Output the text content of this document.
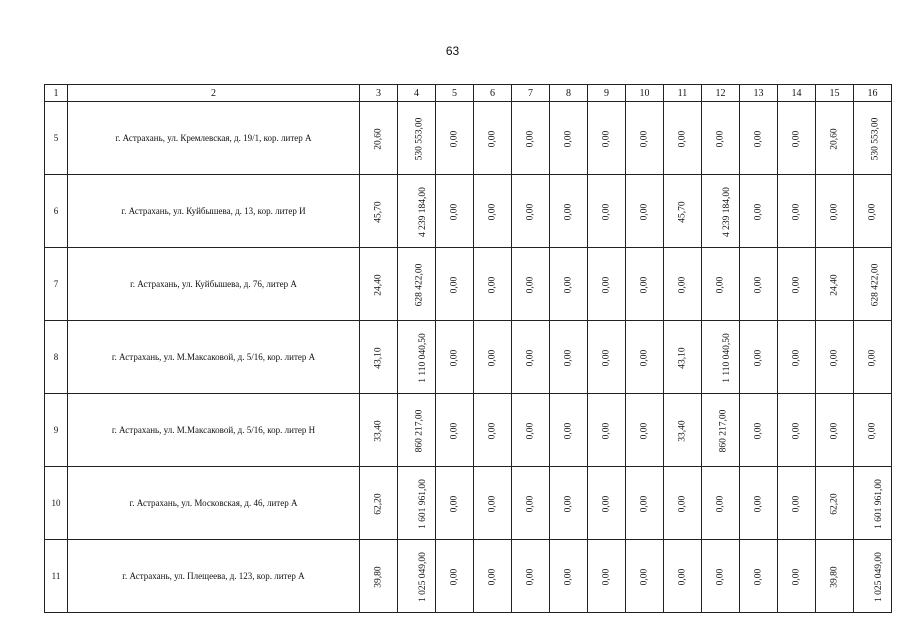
63
1	2	3	4	5	6	7	8	9	10	11	12	13	14	15	16
5	г. Астрахань, ул. Кремлевская, д. 19/1, кор. литер А	20,60	530 553,00	0,00	0,00	0,00	0,00	0,00	0,00	0,00	0,00	0,00	0,00	20,60	530 553,00
6	г. Астрахань, ул. Куйбышева, д. 13, кор. литер И	45,70	4 239 184,00	0,00	0,00	0,00	0,00	0,00	0,00	45,70	4 239 184,00	0,00	0,00	0,00	0,00
7	г. Астрахань, ул. Куйбышева, д. 76, литер А	24,40	628 422,00	0,00	0,00	0,00	0,00	0,00	0,00	0,00	0,00	0,00	0,00	24,40	628 422,00
8	г. Астрахань, ул. М.Максаковой, д. 5/16, кор. литер А	43,10	1 110 040,50	0,00	0,00	0,00	0,00	0,00	0,00	43,10	1 110 040,50	0,00	0,00	0,00	0,00
9	г. Астрахань, ул. М.Максаковой, д. 5/16, кор. литер Н	33,40	860 217,00	0,00	0,00	0,00	0,00	0,00	0,00	33,40	860 217,00	0,00	0,00	0,00	0,00
10	г. Астрахань, ул. Московская, д. 46, литер А	62,20	1 601 961,00	0,00	0,00	0,00	0,00	0,00	0,00	0,00	0,00	0,00	0,00	62,20	1 601 961,00
11	г. Астрахань, ул. Плещеева, д. 123, кор. литер А	39,80	1 025 049,00	0,00	0,00	0,00	0,00	0,00	0,00	0,00	0,00	0,00	0,00	39,80	1 025 049,00
